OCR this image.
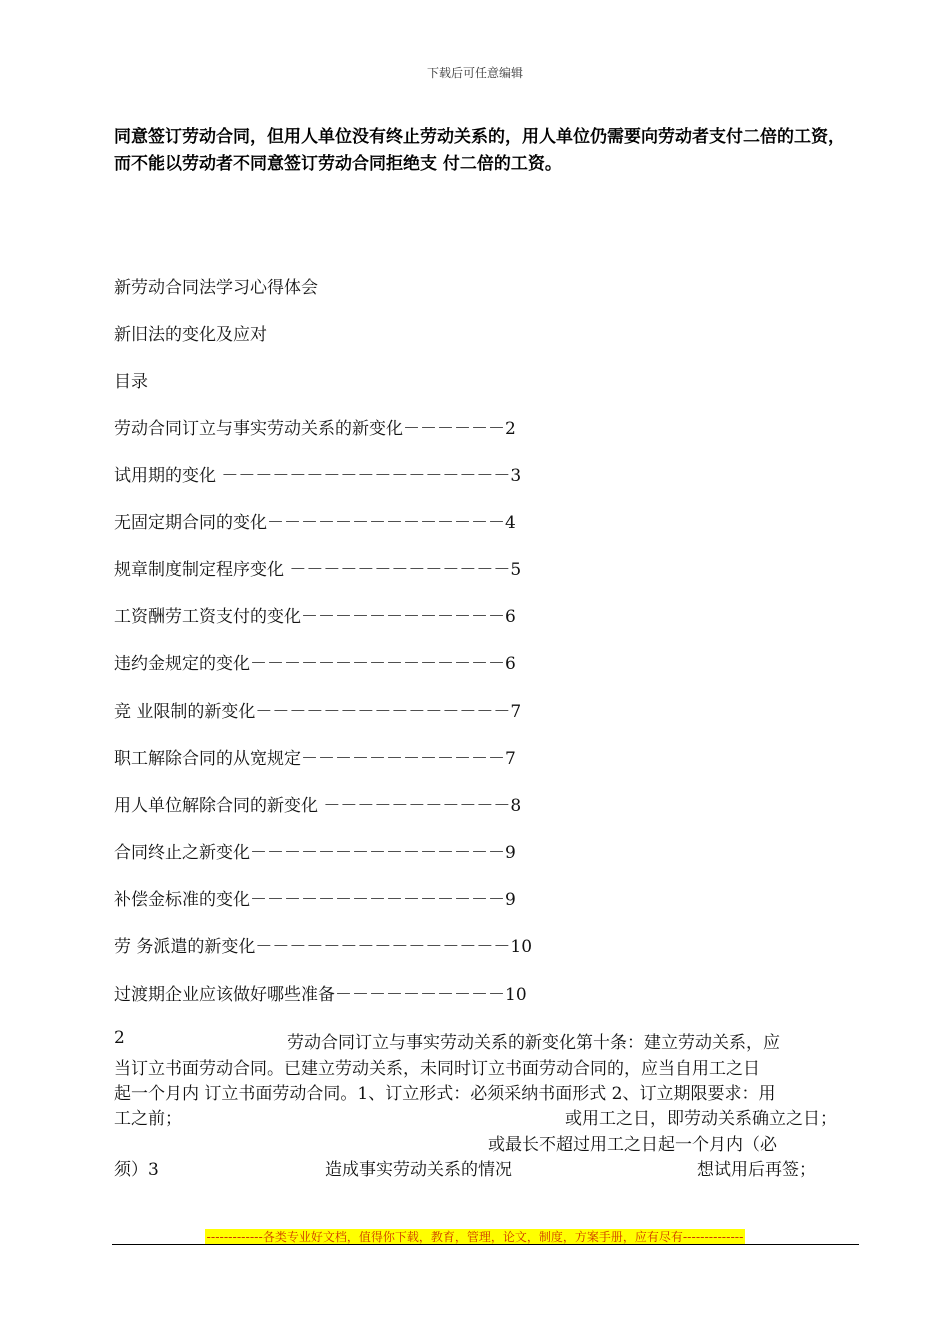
下载后可任意编辑
同意签订劳动合同，但用人单位没有终止劳动关系的，用人单位仍需要向劳动者支付二倍的工资，而不能以劳动者不同意签订劳动合同拒绝支 付二倍的工资。
新劳动合同法学习心得体会
新旧法的变化及应对
目录
劳动合同订立与事实劳动关系的新变化－－－－－－2
试用期的变化 －－－－－－－－－－－－－－－－－3
无固定期合同的变化－－－－－－－－－－－－－－4
规章制度制定程序变化 －－－－－－－－－－－－－5
工资酬劳工资支付的变化－－－－－－－－－－－－6
违约金规定的变化－－－－－－－－－－－－－－－6
竞 业限制的新变化－－－－－－－－－－－－－－－7
职工解除合同的从宽规定－－－－－－－－－－－－7
用人单位解除合同的新变化 －－－－－－－－－－－8
合同终止之新变化－－－－－－－－－－－－－－－9
补偿金标准的变化－－－－－－－－－－－－－－－9
劳 务派遣的新变化－－－－－－－－－－－－－－－10
过渡期企业应该做好哪些准备－－－－－－－－－－10
2	劳动合同订立与事实劳动关系的新变化第十条：建立劳动关系，应
当订立书面劳动合同。已建立劳动关系，未同时订立书面劳动合同的，应当自用工之日
起一个月内 订立书面劳动合同。1、订立形式：必须采纳书面形式 2、订立期限要求：用
工之前；	或用工之日，即劳动关系确立之日；
或最长不超过用工之日起一个月内（必
须）3	造成事实劳动关系的情况	想试用后再签；
-------------各类专业好文档，值得你下载，教育，管理，论文，制度，方案手册，应有尽有--------------
